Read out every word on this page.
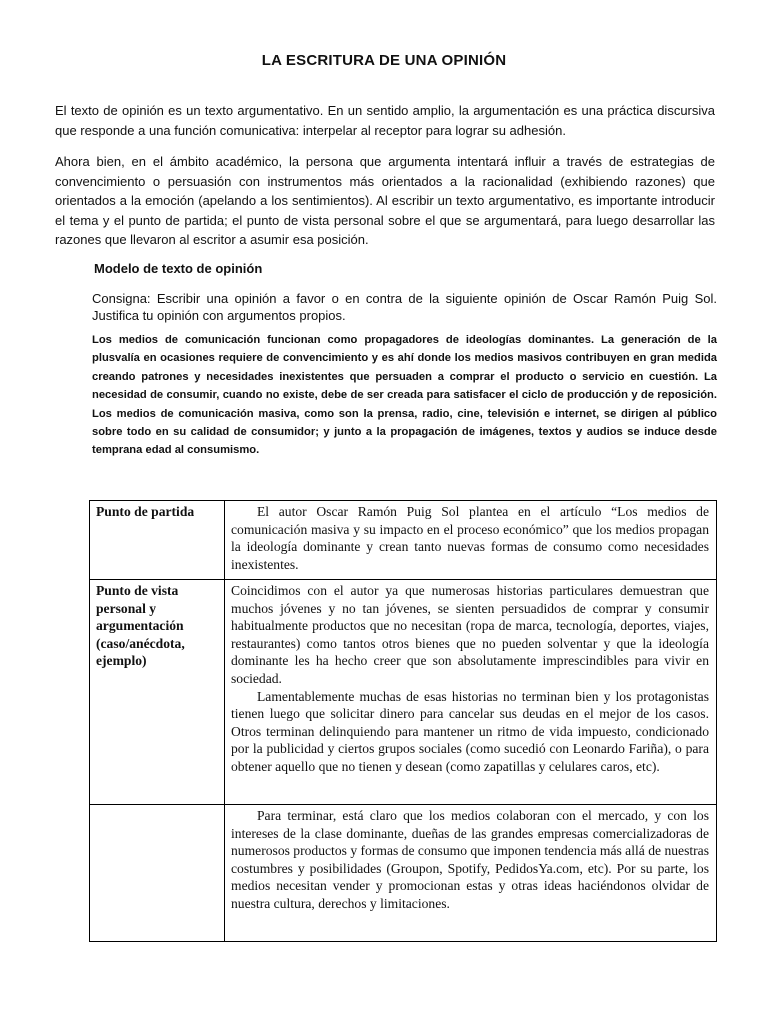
LA ESCRITURA DE UNA OPINIÓN

El texto de opinión es un texto argumentativo. En un sentido amplio, la argumentación es una práctica discursiva que responde a una función comunicativa: interpelar al receptor para lograr su adhesión.

Ahora bien, en el ámbito académico, la persona que argumenta intentará influir a través de estrategias de convencimiento o persuasión con instrumentos más orientados a la racionalidad (exhibiendo razones) que orientados a la emoción (apelando a los sentimientos). Al escribir un texto argumentativo, es importante introducir el tema y el punto de partida; el punto de vista personal sobre el que se argumentará, para luego desarrollar las razones que llevaron al escritor a asumir esa posición.

Modelo de texto de opinión

Consigna: Escribir una opinión a favor o en contra de la siguiente opinión de Oscar Ramón Puig Sol. Justifica tu opinión con argumentos propios.

Los medios de comunicación funcionan como propagadores de ideologías dominantes. La generación de la plusvalía en ocasiones requiere de convencimiento y es ahí donde los medios masivos contribuyen en gran medida creando patrones y necesidades inexistentes que persuaden a comprar el producto o servicio en cuestión. La necesidad de consumir, cuando no existe, debe de ser creada para satisfacer el ciclo de producción y de reposición. Los medios de comunicación masiva, como son la prensa, radio, cine, televisión e internet, se dirigen al público sobre todo en su calidad de consumidor; y junto a la propagación de imágenes, textos y audios se induce desde temprana edad al consumismo.

Punto de partida	El autor Oscar Ramón Puig Sol plantea en el artículo “Los medios de comunicación masiva y su impacto en el proceso económico” que los medios propagan la ideología dominante y crean tanto nuevas formas de consumo como necesidades inexistentes.

Punto de vista personal y argumentación (caso/anécdota, ejemplo)	Coincidimos con el autor ya que numerosas historias particulares demuestran que muchos jóvenes y no tan jóvenes, se sienten persuadidos de comprar y consumir habitualmente productos que no necesitan (ropa de marca, tecnología, deportes, viajes, restaurantes) como tantos otros bienes que no pueden solventar y que la ideología dominante les ha hecho creer que son absolutamente imprescindibles para vivir en sociedad.

Lamentablemente muchas de esas historias no terminan bien y los protagonistas tienen luego que solicitar dinero para cancelar sus deudas en el mejor de los casos. Otros terminan delinquiendo para mantener un ritmo de vida impuesto, condicionado por la publicidad y ciertos grupos sociales (como sucedió con Leonardo Fariña), o para obtener aquello que no tienen y desean (como zapatillas y celulares caros, etc).

	Para terminar, está claro que los medios colaboran con el mercado, y con los intereses de la clase dominante, dueñas de las grandes empresas comercializadoras de numerosos productos y formas de consumo que imponen tendencia más allá de nuestras costumbres y posibilidades (Groupon, Spotify, PedidosYa.com, etc). Por su parte, los medios necesitan vender y promocionan estas y otras ideas haciéndonos olvidar de nuestra cultura, derechos y limitaciones.
